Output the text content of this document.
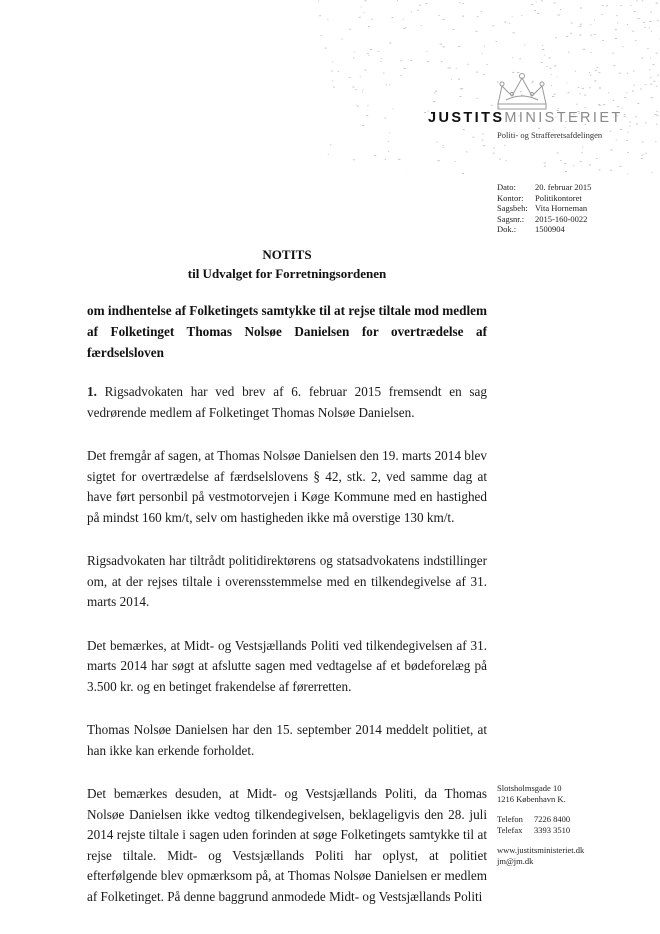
JUSTITSMINISTERIET
Politi- og Strafferetsafdelingen
Dato:	20. februar 2015
Kontor:	Politikontoret
Sagsbeh: Vita Horneman
Sagsnr.:	2015-160-0022
Dok.:	1500904
NOTITS
til Udvalget for Forretningsordenen
om indhentelse af Folketingets samtykke til at rejse tiltale mod medlem af Folketinget Thomas Nolsøe Danielsen for overtrædelse af færdselsloven

1. Rigsadvokaten har ved brev af 6. februar 2015 fremsendt en sag vedrørende medlem af Folketinget Thomas Nolsøe Danielsen.

Det fremgår af sagen, at Thomas Nolsøe Danielsen den 19. marts 2014 blev sigtet for overtrædelse af færdselslovens § 42, stk. 2, ved samme dag at have ført personbil på vestmotorvejen i Køge Kommune med en hastighed på mindst 160 km/t, selv om hastigheden ikke må overstige 130 km/t.

Rigsadvokaten har tiltrådt politidirektørens og statsadvokatens indstillinger om, at der rejses tiltale i overensstemmelse med en tilkendegivelse af 31. marts 2014.

Det bemærkes, at Midt- og Vestsjællands Politi ved tilkendegivelsen af 31. marts 2014 har søgt at afslutte sagen med vedtagelse af et bødeforelæg på 3.500 kr. og en betinget frakendelse af førerretten.

Thomas Nolsøe Danielsen har den 15. september 2014 meddelt politiet, at han ikke kan erkende forholdet.

Det bemærkes desuden, at Midt- og Vestsjællands Politi, da Thomas Nolsøe Danielsen ikke vedtog tilkendegivelsen, beklageligvis den 28. juli 2014 rejste tiltale i sagen uden forinden at søge Folketingets samtykke til at rejse tiltale. Midt- og Vestsjællands Politi har oplyst, at politiet efterfølgende blev opmærksom på, at Thomas Nolsøe Danielsen er medlem af Folketinget. På denne baggrund anmodede Midt- og Vestsjællands Politi

Slotsholmsgade 10
1216 København K.
Telefon	7226 8400
Telefax	3393 3510
www.justitsministeriet.dk
jm@jm.dk
